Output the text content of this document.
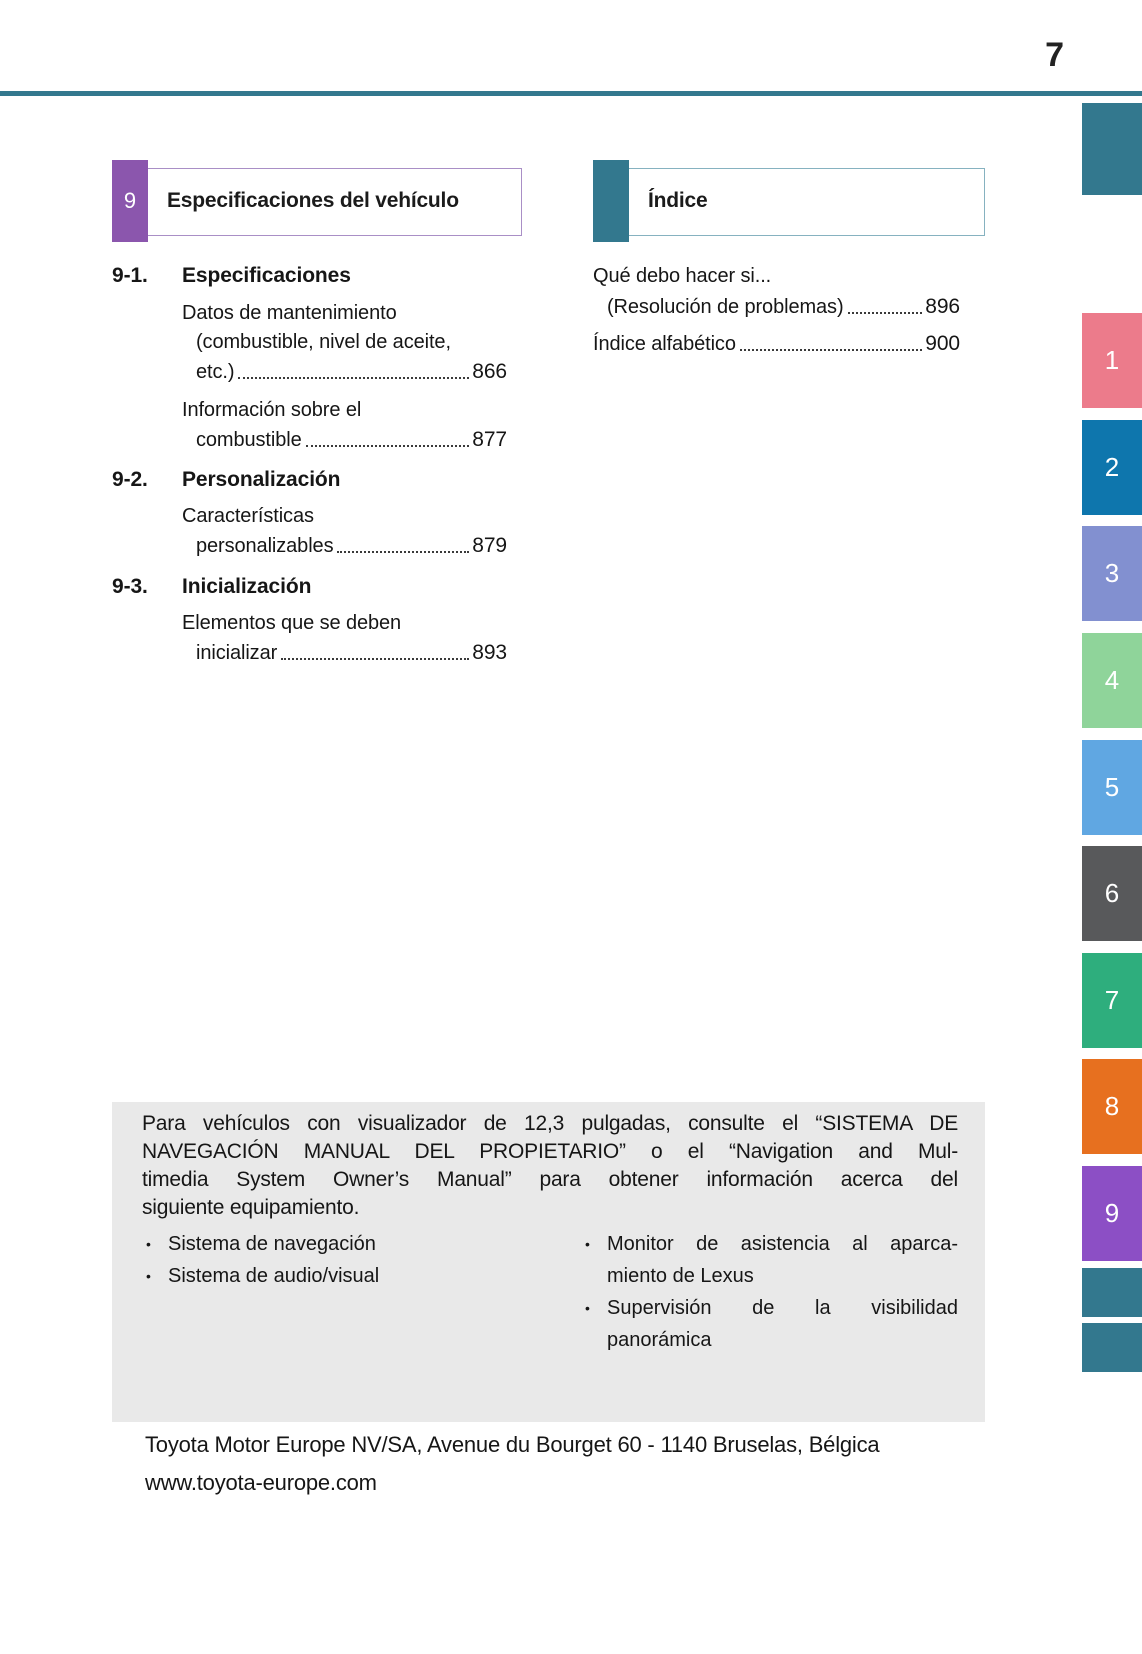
7
9 Especificaciones del vehículo	Índice
9-1. Especificaciones
Datos de mantenimiento
(combustible, nivel de aceite,
etc.)	866
Información sobre el
combustible	877
9-2. Personalización
Características
personalizables	879
9-3. Inicialización
Elementos que se deben
inicializar	893
Qué debo hacer si...
(Resolución de problemas)	896
Índice alfabético	900
1
2
3
4
5
6
7
8
9
Para vehículos con visualizador de 12,3 pulgadas, consulte el “SISTEMA DE
NAVEGACIÓN MANUAL DEL PROPIETARIO” o el “Navigation and Mul-
timedia System Owner’s Manual” para obtener información acerca del
siguiente equipamiento.
• Sistema de navegación
• Sistema de audio/visual
• Monitor de asistencia al aparca-
miento de Lexus
• Supervisión de la visibilidad
panorámica
Toyota Motor Europe NV/SA, Avenue du Bourget 60 - 1140 Bruselas, Bélgica
www.toyota-europe.com
